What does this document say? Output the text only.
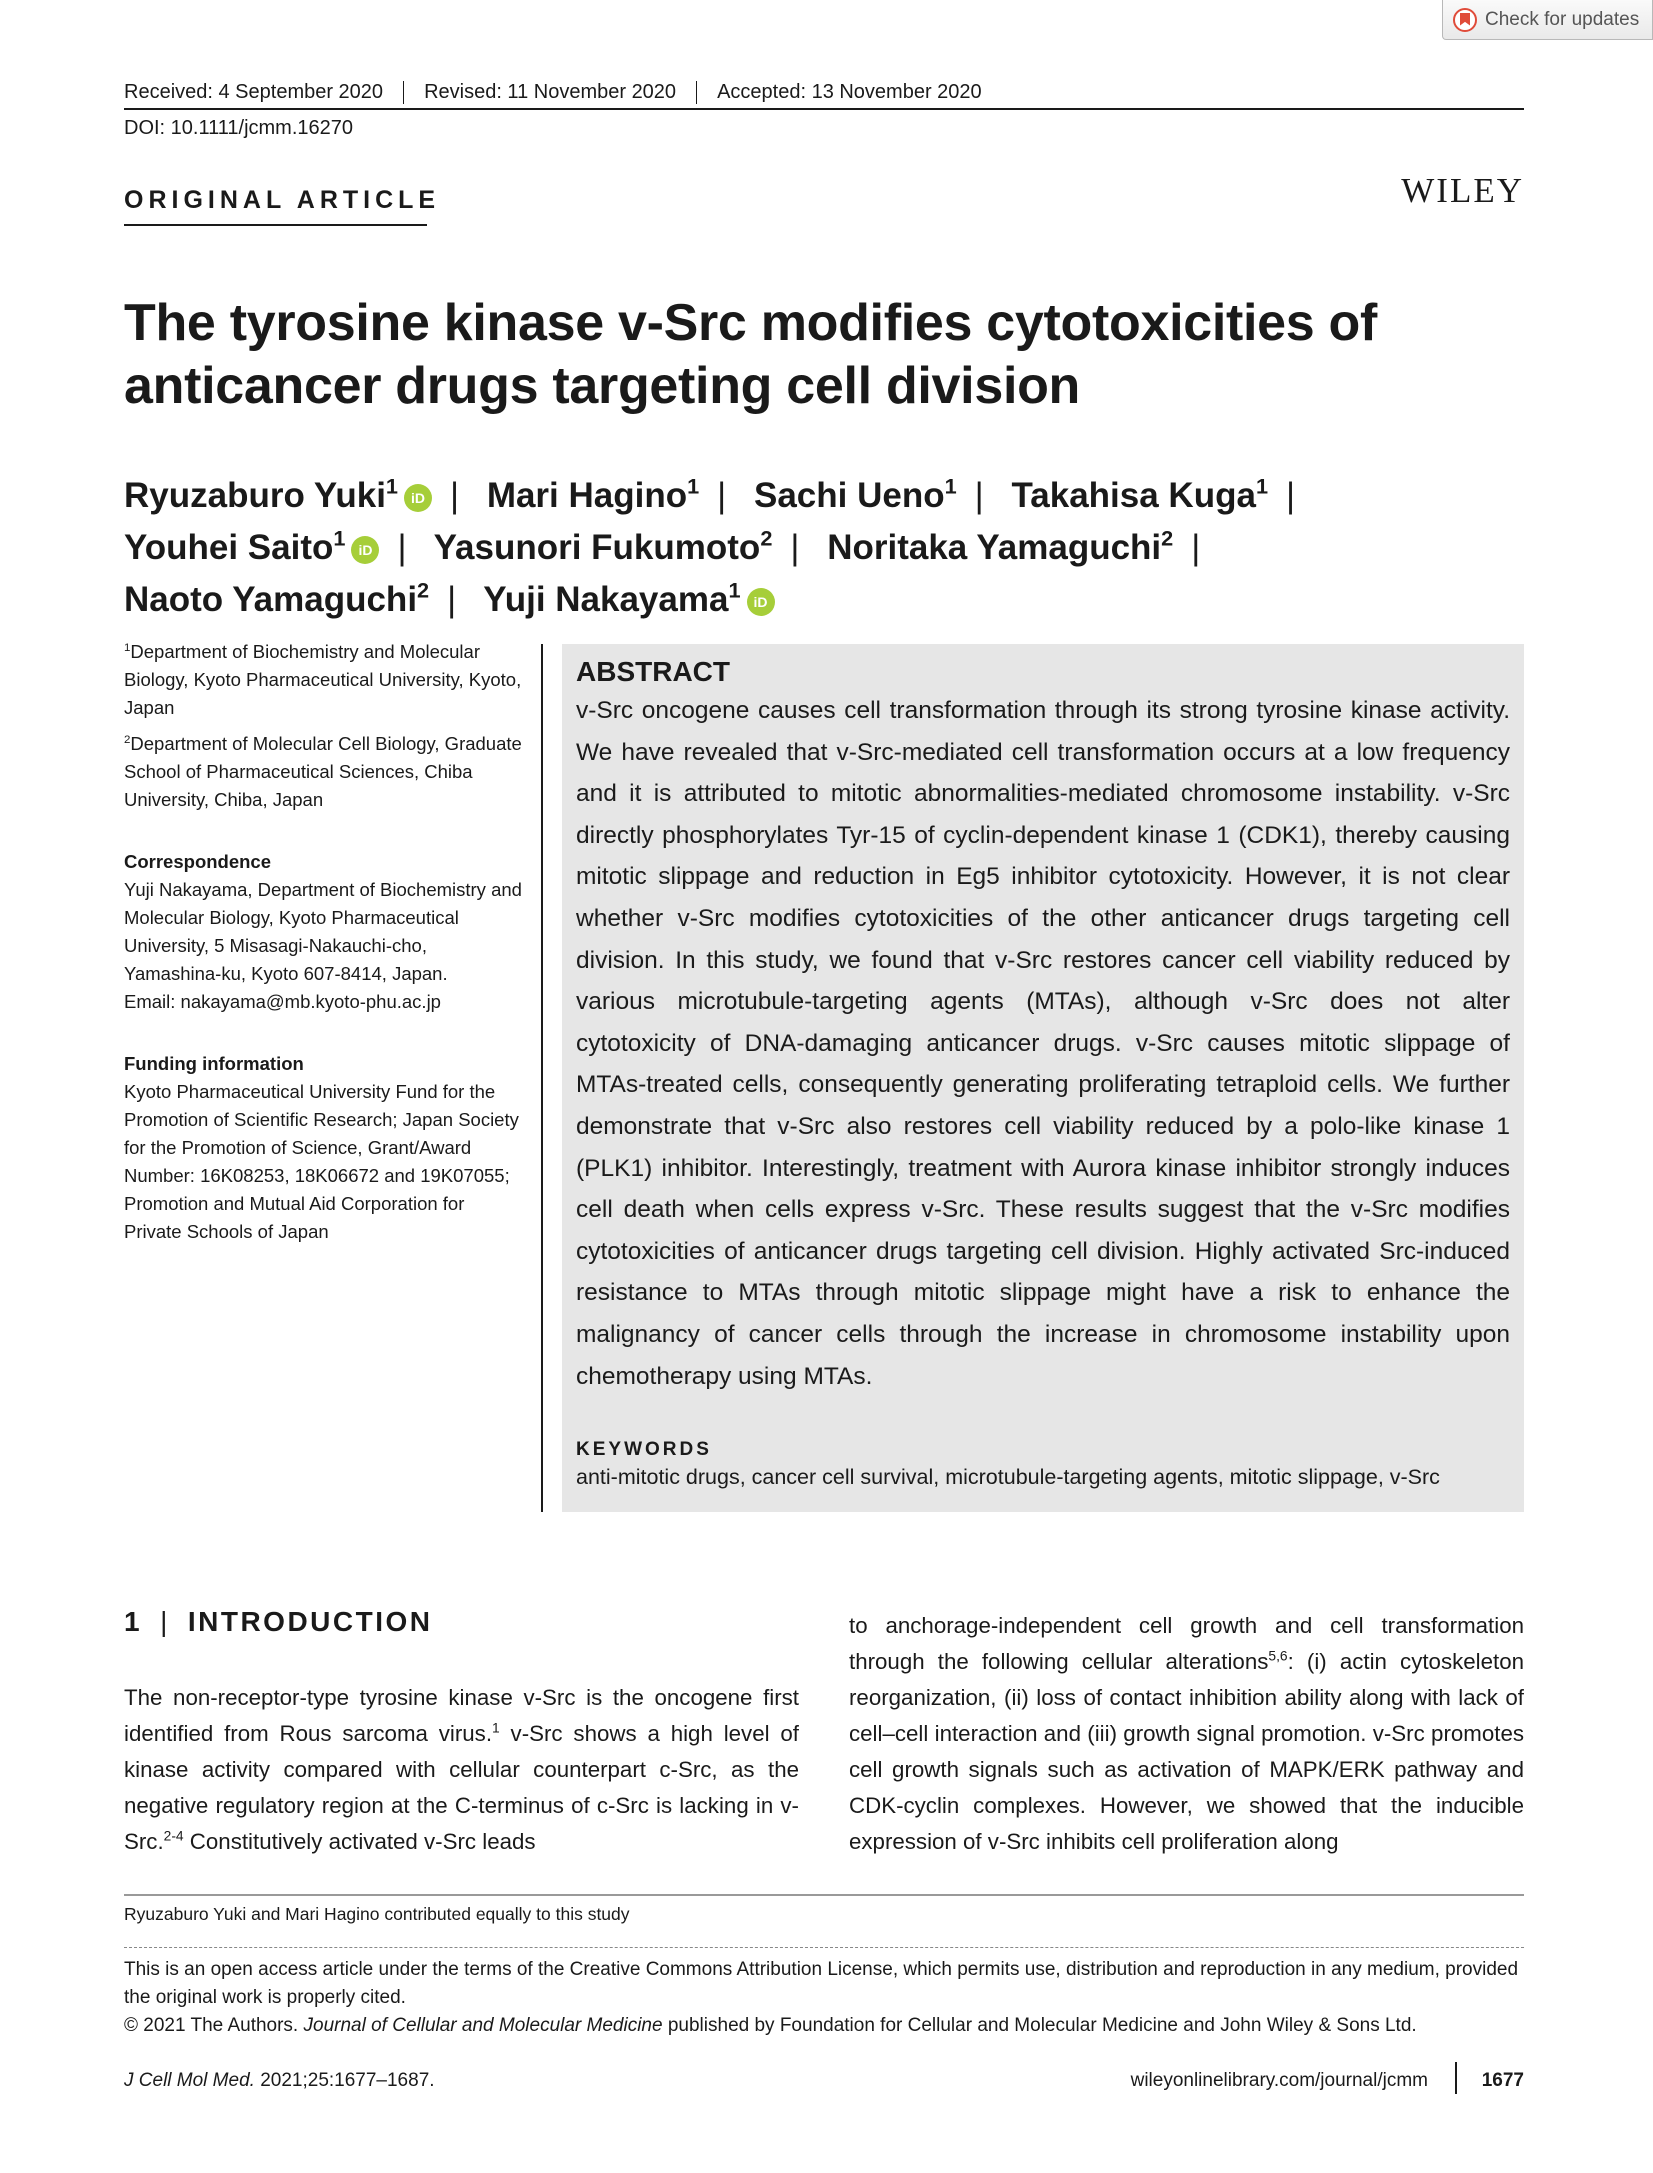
Check for updates
Received: 4 September 2020	Revised: 11 November 2020	Accepted: 13 November 2020
DOI: 10.1111/jcmm.16270
ORIGINAL ARTICLE	WILEY
The tyrosine kinase v-Src modifies cytotoxicities of anticancer drugs targeting cell division
Ryuzaburo Yuki$^1$ iD | Mari Hagino$^1$ | Sachi Ueno$^1$ | Takahisa Kuga$^1$ | Youhei Saito$^1$ iD | Yasunori Fukumoto$^2$ | Noritaka Yamaguchi$^2$ | Naoto Yamaguchi$^2$ | Yuji Nakayama$^1$ iD

$^1$Department of Biochemistry and Molecular Biology, Kyoto Pharmaceutical University, Kyoto, Japan

$^2$Department of Molecular Cell Biology, Graduate School of Pharmaceutical Sciences, Chiba University, Chiba, Japan

Correspondence

Yuji Nakayama, Department of Biochemistry and Molecular Biology, Kyoto Pharmaceutical University, 5 Misasagi-Nakauchi-cho, Yamashina-ku, Kyoto 607-8414, Japan.

Email: nakayama@mb.kyoto-phu.ac.jp

Funding information

Kyoto Pharmaceutical University Fund for the Promotion of Scientific Research; Japan Society for the Promotion of Science, Grant/Award Number: 16K08253, 18K06672 and 19K07055; Promotion and Mutual Aid Corporation for Private Schools of Japan

ABSTRACT

v-Src oncogene causes cell transformation through its strong tyrosine kinase activity. We have revealed that v-Src-mediated cell transformation occurs at a low frequency and it is attributed to mitotic abnormalities-mediated chromosome instability. v-Src directly phosphorylates Tyr-15 of cyclin-dependent kinase 1 (CDK1), thereby causing mitotic slippage and reduction in Eg5 inhibitor cytotoxicity. However, it is not clear whether v-Src modifies cytotoxicities of the other anticancer drugs targeting cell division. In this study, we found that v-Src restores cancer cell viability reduced by various microtubule-targeting agents (MTAs), although v-Src does not alter cytotoxicity of DNA-damaging anticancer drugs. v-Src causes mitotic slippage of MTAs-treated cells, consequently generating proliferating tetraploid cells. We further demonstrate that v-Src also restores cell viability reduced by a polo-like kinase 1 (PLK1) inhibitor. Interestingly, treatment with Aurora kinase inhibitor strongly induces cell death when cells express v-Src. These results suggest that the v-Src modifies cytotoxicities of anticancer drugs targeting cell division. Highly activated Src-induced resistance to MTAs through mitotic slippage might have a risk to enhance the malignancy of cancer cells through the increase in chromosome instability upon chemotherapy using MTAs.

KEYWORDS

anti-mitotic drugs, cancer cell survival, microtubule-targeting agents, mitotic slippage, v-Src

1 | INTRODUCTION

The non-receptor-type tyrosine kinase v-Src is the oncogene first identified from Rous sarcoma virus.$^1$ v-Src shows a high level of kinase activity compared with cellular counterpart c-Src, as the negative regulatory region at the C-terminus of c-Src is lacking in v-Src.$^{2-4}$ Constitutively activated v-Src leads

to anchorage-independent cell growth and cell transformation through the following cellular alterations$^{5,6}$: (i) actin cytoskeleton reorganization, (ii) loss of contact inhibition ability along with lack of cell–cell interaction and (iii) growth signal promotion. v-Src promotes cell growth signals such as activation of MAPK/ERK pathway and CDK-cyclin complexes. However, we showed that the inducible expression of v-Src inhibits cell proliferation along

Ryuzaburo Yuki and Mari Hagino contributed equally to this study

This is an open access article under the terms of the Creative Commons Attribution License, which permits use, distribution and reproduction in any medium, provided the original work is properly cited.

© 2021 The Authors. Journal of Cellular and Molecular Medicine published by Foundation for Cellular and Molecular Medicine and John Wiley & Sons Ltd.

J Cell Mol Med. 2021;25:1677–1687.	wileyonlinelibrary.com/journal/jcmm	1677
